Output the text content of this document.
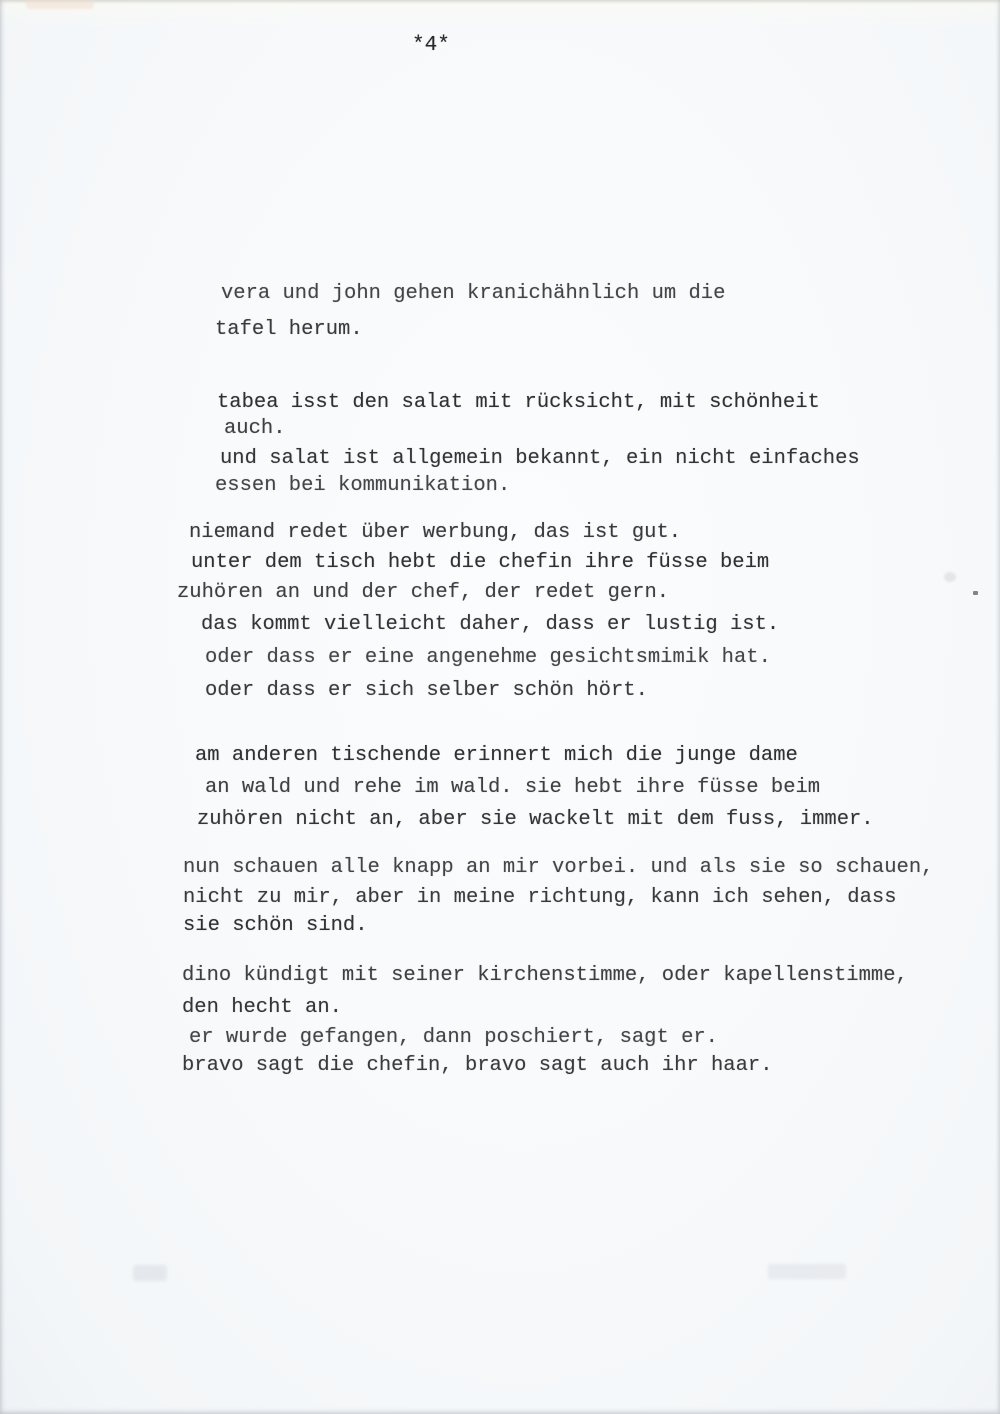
*4*
vera und john gehen kranichähnlich um die
tafel herum.
tabea isst den salat mit rücksicht, mit schönheit
auch.
und salat ist allgemein bekannt, ein nicht einfaches
essen bei kommunikation.
niemand redet über werbung, das ist gut.
unter dem tisch hebt die chefin ihre füsse beim
zuhören an und der chef, der redet gern.
das kommt vielleicht daher, dass er lustig ist.
oder dass er eine angenehme gesichtsmimik hat.
oder dass er sich selber schön hört.
am anderen tischende erinnert mich die junge dame
an wald und rehe im wald. sie hebt ihre füsse beim
zuhören nicht an, aber sie wackelt mit dem fuss, immer.
nun schauen alle knapp an mir vorbei. und als sie so schauen,
nicht zu mir, aber in meine richtung, kann ich sehen, dass
sie schön sind.
dino kündigt mit seiner kirchenstimme, oder kapellenstimme,
den hecht an.
er wurde gefangen, dann poschiert, sagt er.
bravo sagt die chefin, bravo sagt auch ihr haar.
